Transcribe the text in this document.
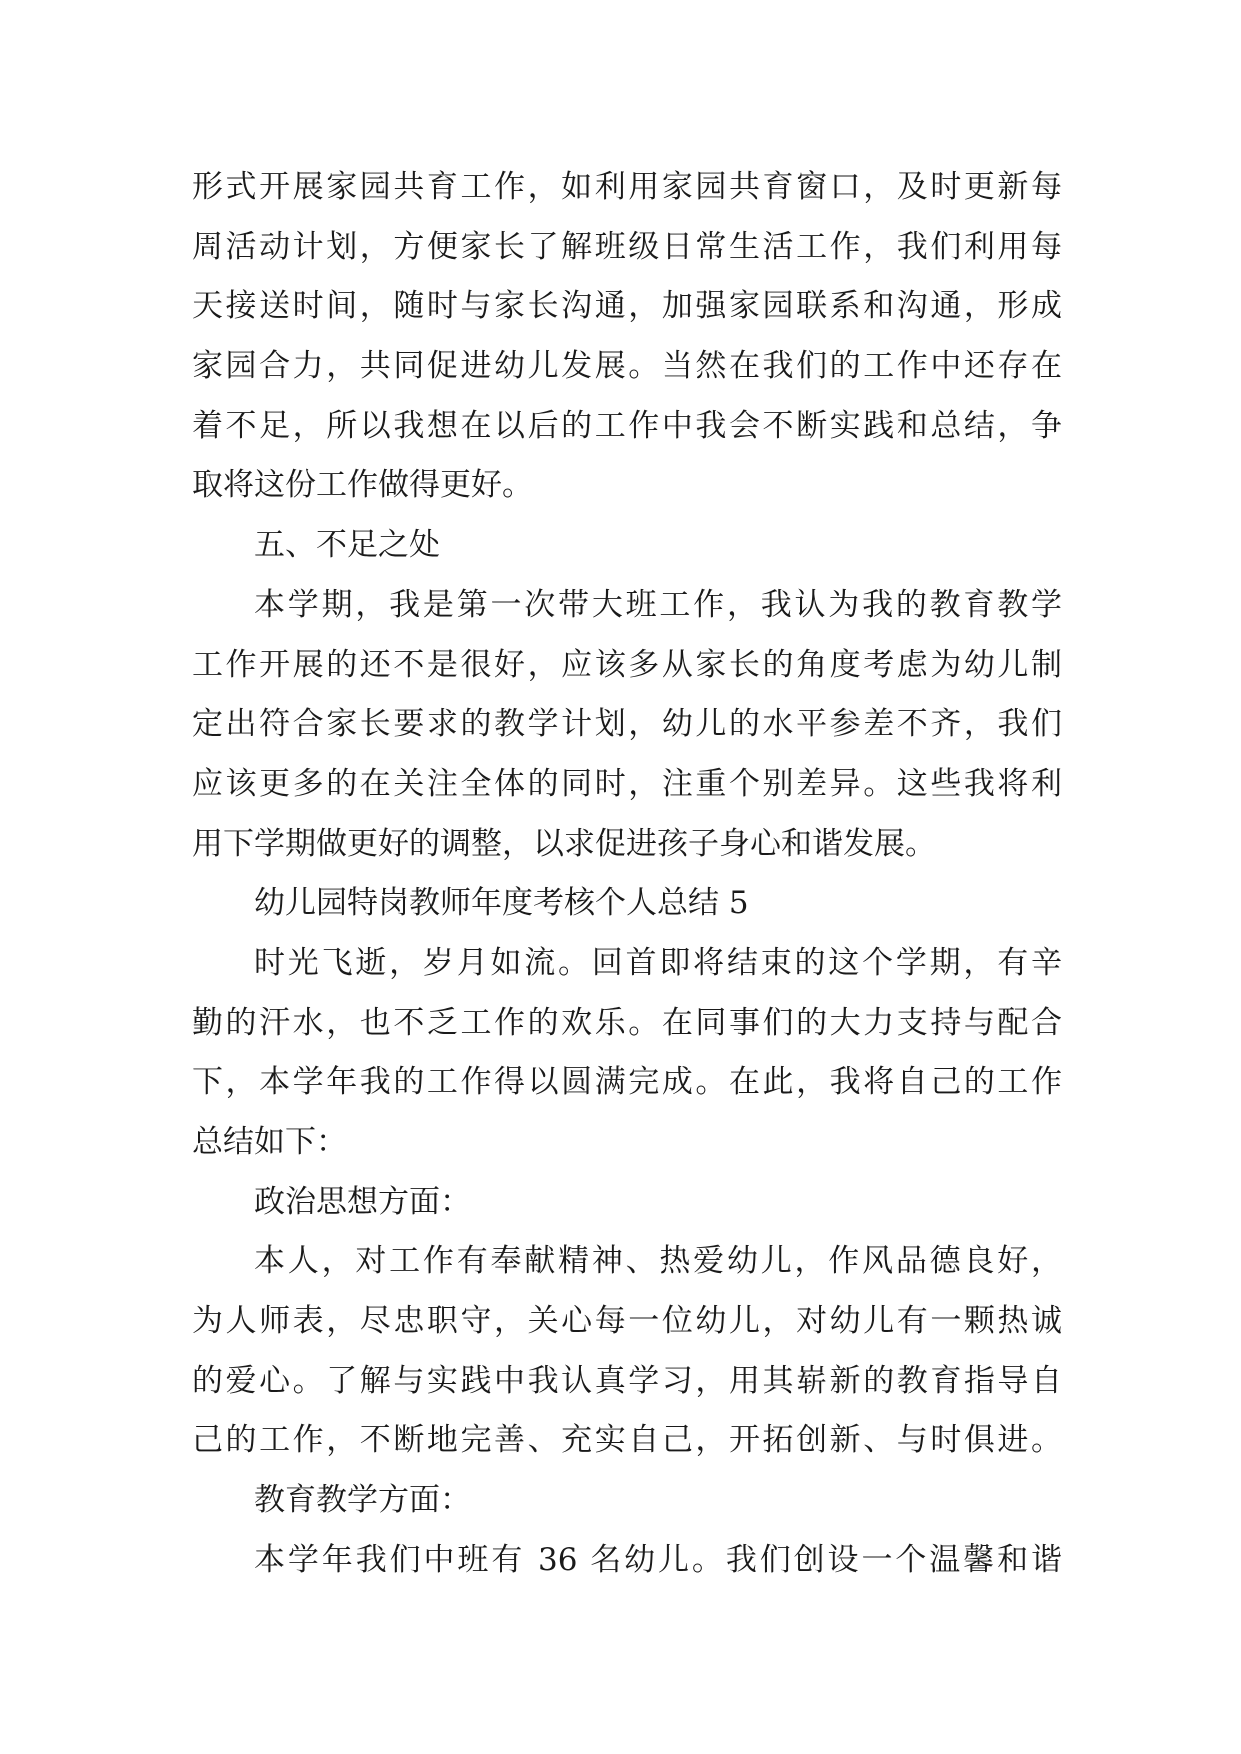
形式开展家园共育工作，如利用家园共育窗口，及时更新每
周活动计划，方便家长了解班级日常生活工作，我们利用每
天接送时间，随时与家长沟通，加强家园联系和沟通，形成
家园合力，共同促进幼儿发展。当然在我们的工作中还存在
着不足，所以我想在以后的工作中我会不断实践和总结，争
取将这份工作做得更好。
五、不足之处
本学期，我是第一次带大班工作，我认为我的教育教学
工作开展的还不是很好，应该多从家长的角度考虑为幼儿制
定出符合家长要求的教学计划，幼儿的水平参差不齐，我们
应该更多的在关注全体的同时，注重个别差异。这些我将利
用下学期做更好的调整，以求促进孩子身心和谐发展。
幼儿园特岗教师年度考核个人总结 5
时光飞逝，岁月如流。回首即将结束的这个学期，有辛
勤的汗水，也不乏工作的欢乐。在同事们的大力支持与配合
下，本学年我的工作得以圆满完成。在此，我将自己的工作
总结如下：
政治思想方面：
本人，对工作有奉献精神、热爱幼儿，作风品德良好，
为人师表，尽忠职守，关心每一位幼儿，对幼儿有一颗热诚
的爱心。了解与实践中我认真学习，用其崭新的教育指导自
己的工作，不断地完善、充实自己，开拓创新、与时俱进。
教育教学方面：
本学年我们中班有 36 名幼儿。我们创设一个温馨和谐
